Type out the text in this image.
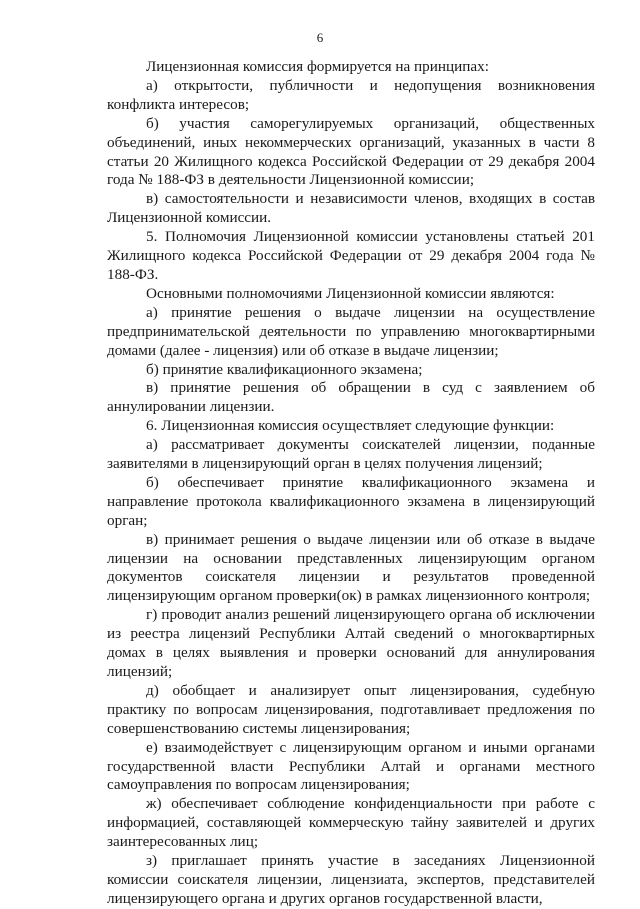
6

Лицензионная комиссия формируется на принципах:

а) открытости, публичности и недопущения возникновения конфликта интересов;

б) участия саморегулируемых организаций, общественных объединений, иных некоммерческих организаций, указанных в части 8 статьи 20 Жилищного кодекса Российской Федерации от 29 декабря 2004 года № 188-ФЗ в деятельности Лицензионной комиссии;

в) самостоятельности и независимости членов, входящих в состав Лицензионной комиссии.

5. Полномочия Лицензионной комиссии установлены статьей 201 Жилищного кодекса Российской Федерации от 29 декабря 2004 года № 188-ФЗ.

Основными полномочиями Лицензионной комиссии являются:

а) принятие решения о выдаче лицензии на осуществление предпринимательской деятельности по управлению многоквартирными домами (далее - лицензия) или об отказе в выдаче лицензии;

б) принятие квалификационного экзамена;

в) принятие решения об обращении в суд с заявлением об аннулировании лицензии.

6. Лицензионная комиссия осуществляет следующие функции:

а) рассматривает документы соискателей лицензии, поданные заявителями в лицензирующий орган в целях получения лицензий;

б) обеспечивает принятие квалификационного экзамена и направление протокола квалификационного экзамена в лицензирующий орган;

в) принимает решения о выдаче лицензии или об отказе в выдаче лицензии на основании представленных лицензирующим органом документов соискателя лицензии и результатов проведенной лицензирующим органом проверки(ок) в рамках лицензионного контроля;

г) проводит анализ решений лицензирующего органа об исключении из реестра лицензий Республики Алтай сведений о многоквартирных домах в целях выявления и проверки оснований для аннулирования лицензий;

д) обобщает и анализирует опыт лицензирования, судебную практику по вопросам лицензирования, подготавливает предложения по совершенствованию системы лицензирования;

е) взаимодействует с лицензирующим органом и иными органами государственной власти Республики Алтай и органами местного самоуправления по вопросам лицензирования;

ж) обеспечивает соблюдение конфиденциальности при работе с информацией, составляющей коммерческую тайну заявителей и других заинтересованных лиц;

з) приглашает принять участие в заседаниях Лицензионной комиссии соискателя лицензии, лицензиата, экспертов, представителей лицензирующего органа и других органов государственной власти,
